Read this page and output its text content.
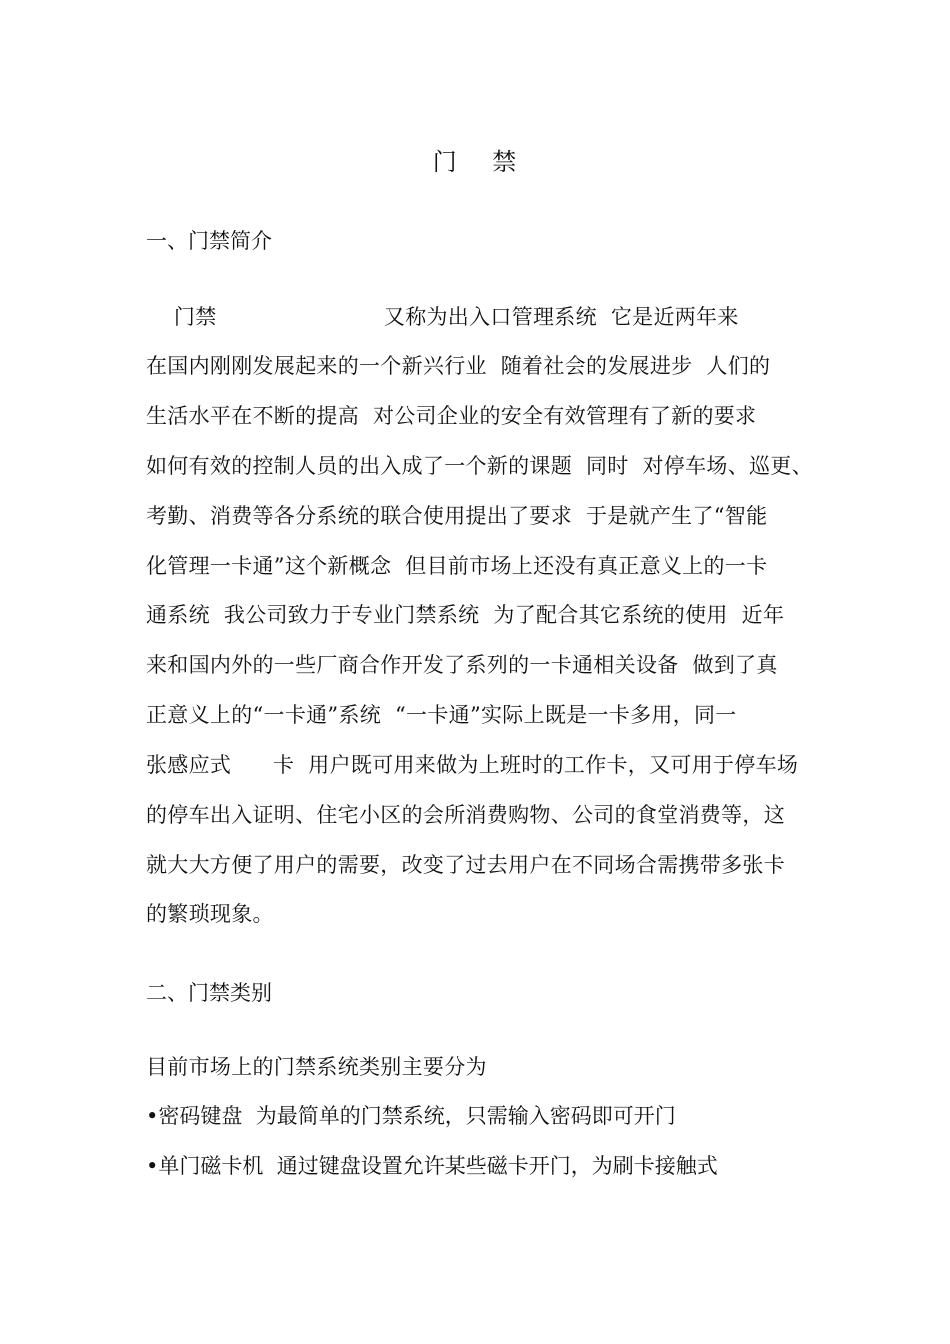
门    禁
一、门禁简介
门禁                        又称为出入口管理系统  它是近两年来
在国内刚刚发展起来的一个新兴行业  随着社会的发展进步  人们的
生活水平在不断的提高  对公司企业的安全有效管理有了新的要求
如何有效的控制人员的出入成了一个新的课题  同时  对停车场、巡更、
考勤、消费等各分系统的联合使用提出了要求  于是就产生了“智能
化管理一卡通”这个新概念  但目前市场上还没有真正意义上的一卡
通系统  我公司致力于专业门禁系统  为了配合其它系统的使用  近年
来和国内外的一些厂商合作开发了系列的一卡通相关设备  做到了真
正意义上的“一卡通”系统  “一卡通”实际上既是一卡多用，同一
张感应式      卡  用户既可用来做为上班时的工作卡，又可用于停车场
的停车出入证明、住宅小区的会所消费购物、公司的食堂消费等，这
就大大方便了用户的需要，改变了过去用户在不同场合需携带多张卡
的繁琐现象。
二、门禁类别
目前市场上的门禁系统类别主要分为
•密码键盘  为最简单的门禁系统，只需输入密码即可开门
•单门磁卡机  通过键盘设置允许某些磁卡开门，为刷卡接触式
